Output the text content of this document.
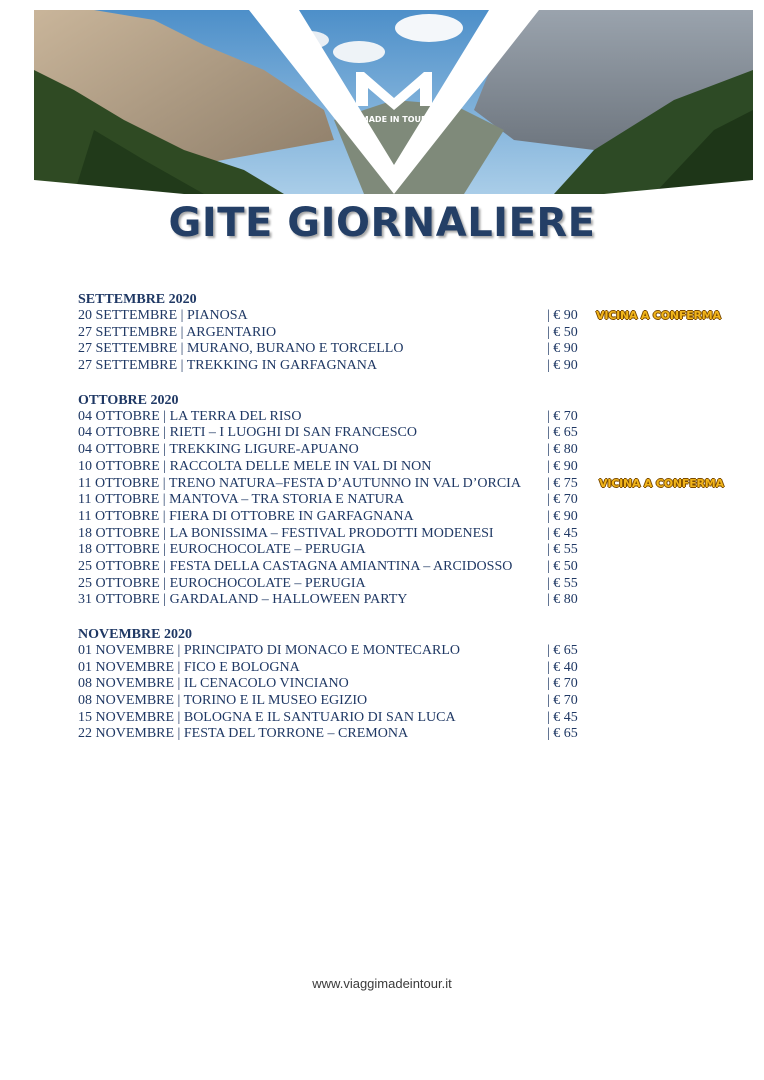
MADE IN TOUR
GITE GIORNALIERE
SETTEMBRE 2020
20 SETTEMBRE | PIANOSA	| € 90 VICINA A CONFERMA
27 SETTEMBRE | ARGENTARIO	| € 50
27 SETTEMBRE | MURANO, BURANO E TORCELLO	| € 90
27 SETTEMBRE | TREKKING IN GARFAGNANA	| € 90
OTTOBRE 2020
04 OTTOBRE | LA TERRA DEL RISO	| € 70
04 OTTOBRE | RIETI – I LUOGHI DI SAN FRANCESCO	| € 65
04 OTTOBRE | TREKKING LIGURE-APUANO	| € 80
10 OTTOBRE | RACCOLTA DELLE MELE IN VAL DI NON	| € 90
11 OTTOBRE | TRENO NATURA–FESTA D’AUTUNNO IN VAL D’ORCIA | € 75 VICINA A CONFERMA
11 OTTOBRE | MANTOVA – TRA STORIA E NATURA	| € 70
11 OTTOBRE | FIERA DI OTTOBRE IN GARFAGNANA	| € 90
18 OTTOBRE | LA BONISSIMA – FESTIVAL PRODOTTI MODENESI	| € 45
18 OTTOBRE | EUROCHOCOLATE – PERUGIA	| € 55
25 OTTOBRE | FESTA DELLA CASTAGNA AMIANTINA – ARCIDOSSO | € 50
25 OTTOBRE | EUROCHOCOLATE – PERUGIA	| € 55
31 OTTOBRE | GARDALAND – HALLOWEEN PARTY	| € 80
NOVEMBRE 2020
01 NOVEMBRE | PRINCIPATO DI MONACO E MONTECARLO	| € 65
01 NOVEMBRE | FICO E BOLOGNA	| € 40
08 NOVEMBRE | IL CENACOLO VINCIANO	| € 70
08 NOVEMBRE | TORINO E IL MUSEO EGIZIO	| € 70
15 NOVEMBRE | BOLOGNA E IL SANTUARIO DI SAN LUCA	| € 45
22 NOVEMBRE | FESTA DEL TORRONE – CREMONA	| € 65
www.viaggimadeintour.it
